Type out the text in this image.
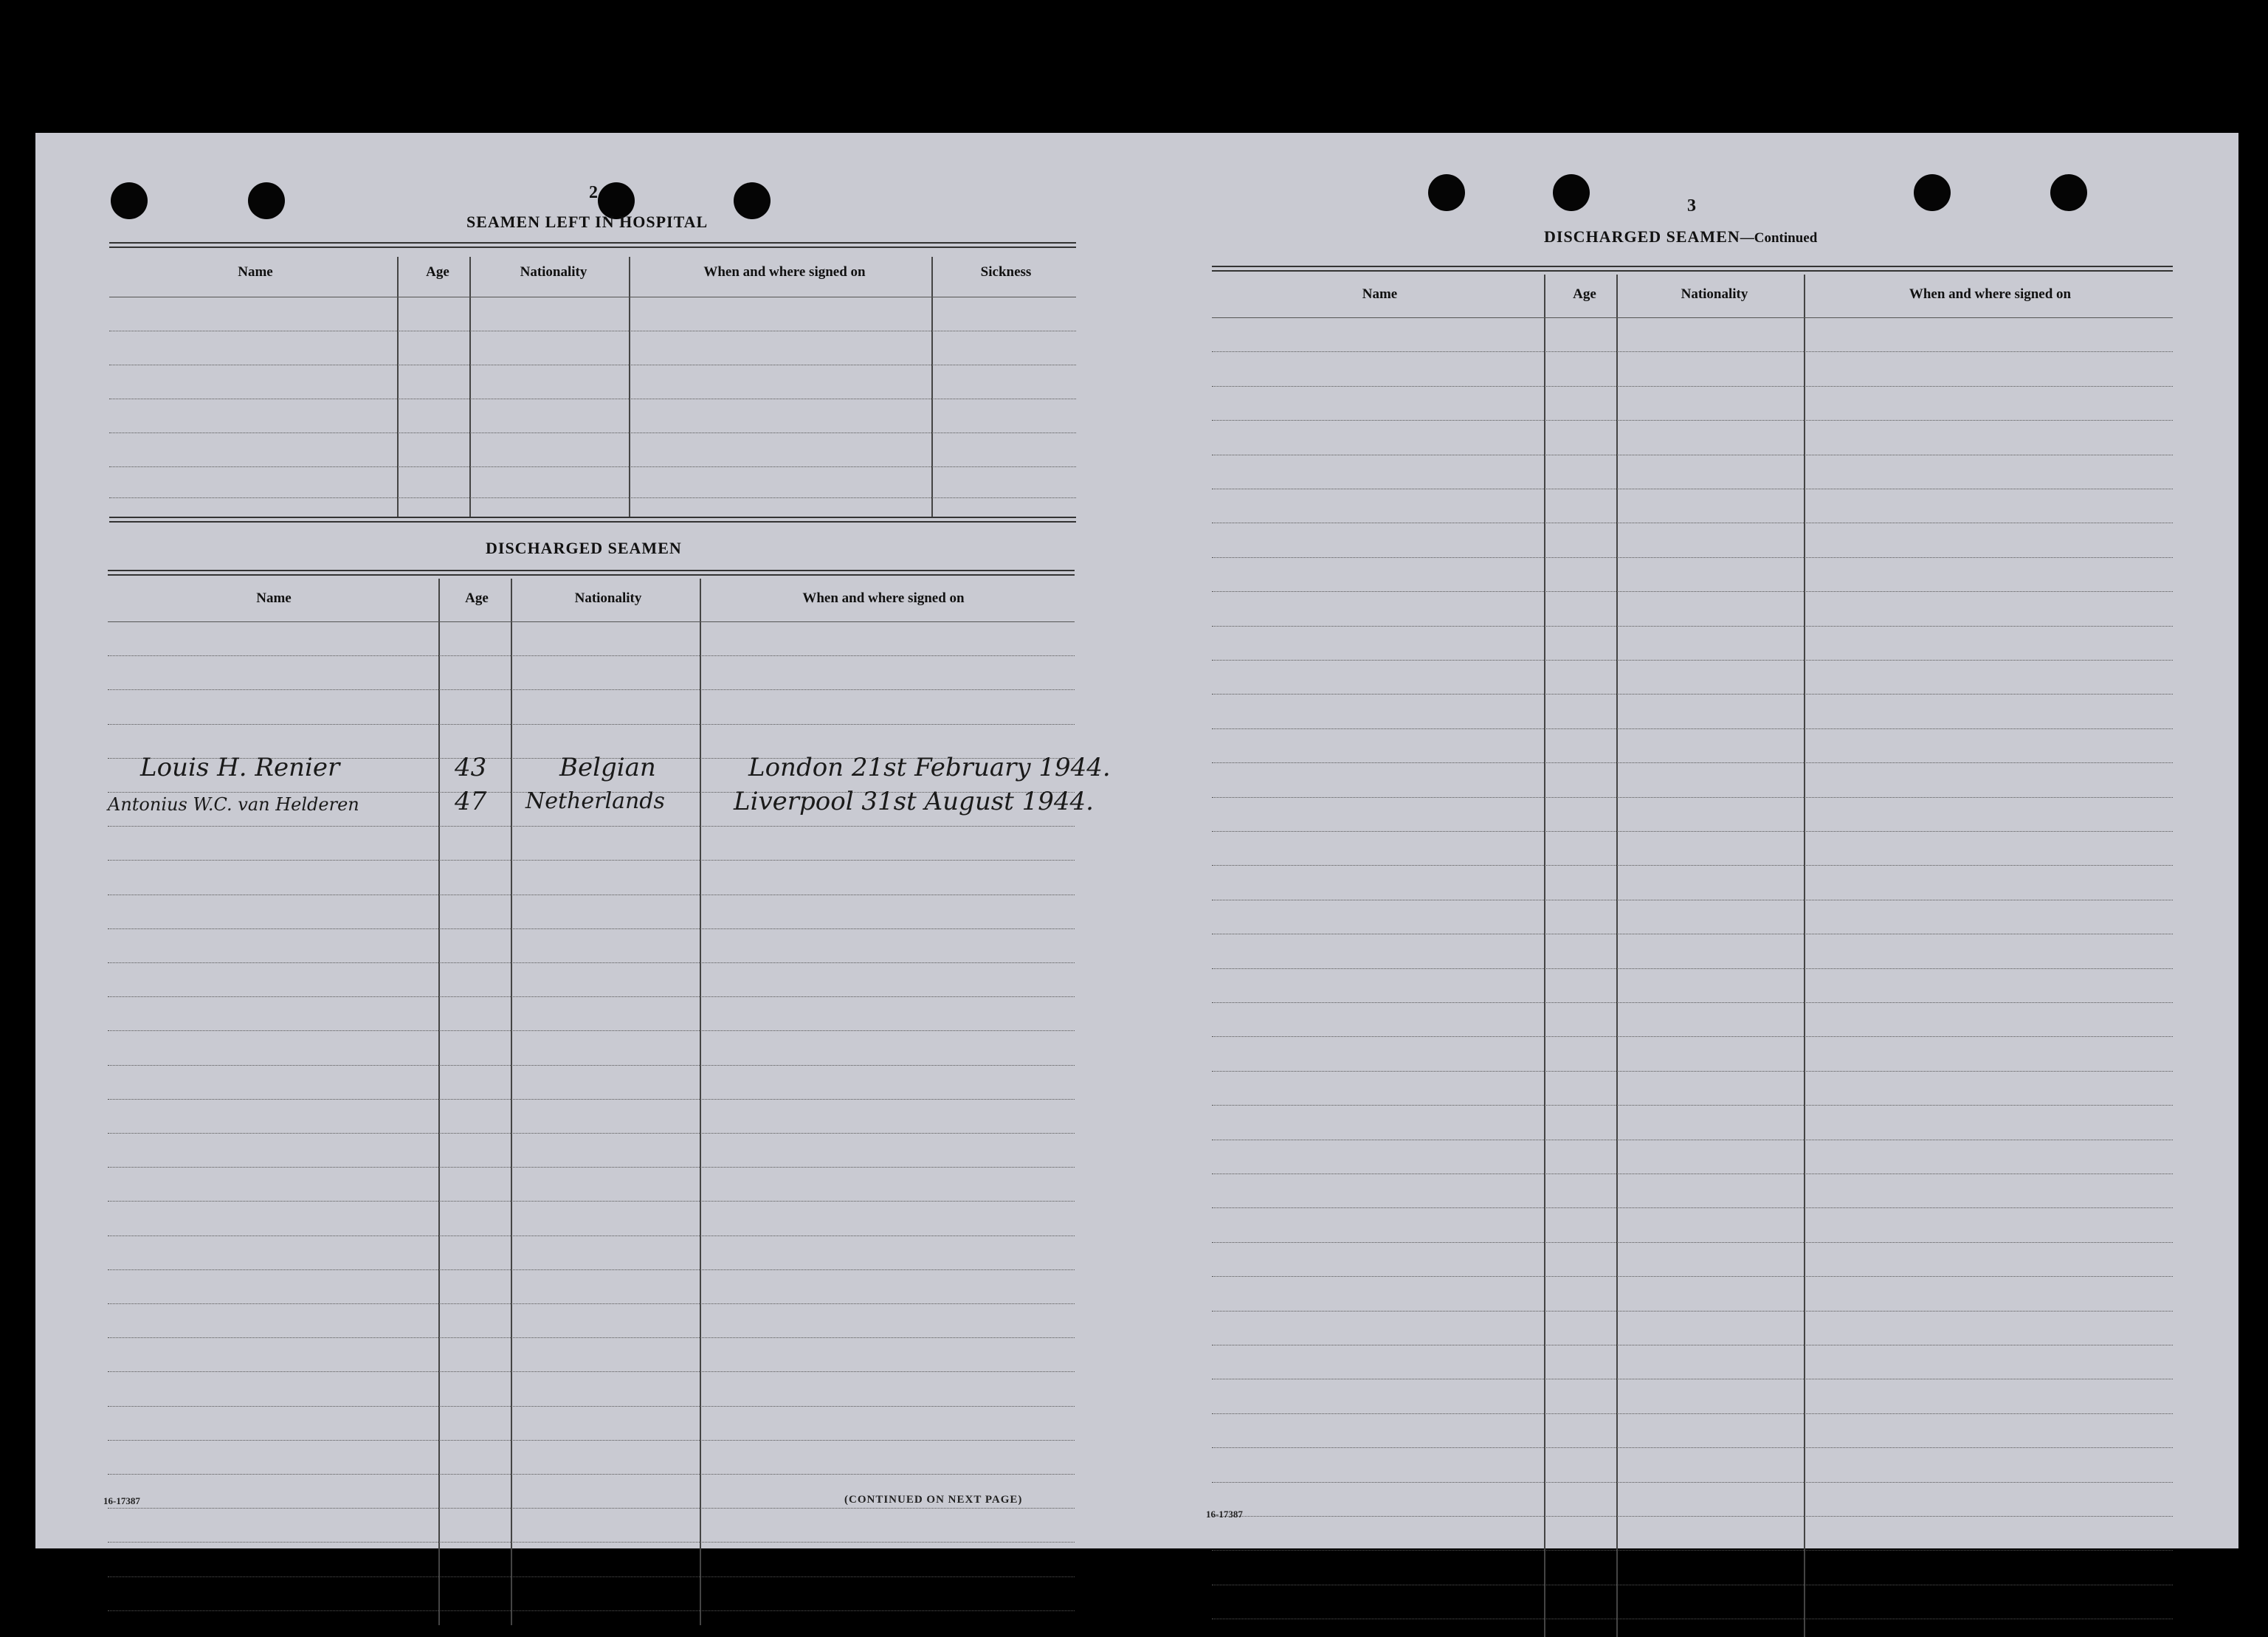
2
SEAMEN LEFT IN HOSPITAL
Name	Age	Nationality	When and where signed on	Sickness
DISCHARGED SEAMEN
Name	Age	Nationality	When and where signed on
Louis H. Renier	43	Belgian	London 21st February 1944.
Antonius W.C. van Helderen	47 Netherlands	Liverpool 31st August 1944.
16-17387	(CONTINUED ON NEXT PAGE)
3
DISCHARGED SEAMEN—Continued
Name	Age	Nationality	When and where signed on
16-17387
